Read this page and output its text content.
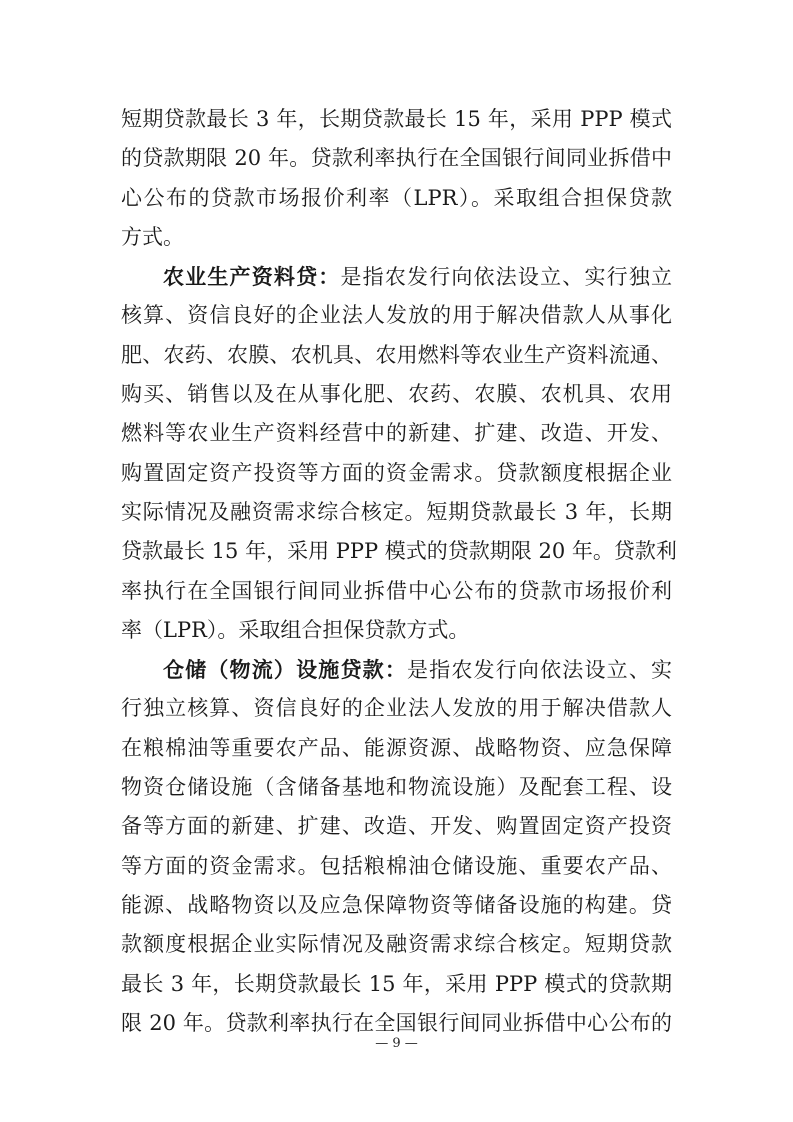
短期贷款最长 3 年，长期贷款最长 15 年，采用 PPP 模式
的贷款期限 20 年。贷款利率执行在全国银行间同业拆借中
心公布的贷款市场报价利率（LPR）。采取组合担保贷款
方式。
农业生产资料贷：是指农发行向依法设立、实行独立
核算、资信良好的企业法人发放的用于解决借款人从事化
肥、农药、农膜、农机具、农用燃料等农业生产资料流通、
购买、销售以及在从事化肥、农药、农膜、农机具、农用
燃料等农业生产资料经营中的新建、扩建、改造、开发、
购置固定资产投资等方面的资金需求。贷款额度根据企业
实际情况及融资需求综合核定。短期贷款最长 3 年，长期
贷款最长 15 年，采用 PPP 模式的贷款期限 20 年。贷款利
率执行在全国银行间同业拆借中心公布的贷款市场报价利
率（LPR）。采取组合担保贷款方式。
仓储（物流）设施贷款：是指农发行向依法设立、实
行独立核算、资信良好的企业法人发放的用于解决借款人
在粮棉油等重要农产品、能源资源、战略物资、应急保障
物资仓储设施（含储备基地和物流设施）及配套工程、设
备等方面的新建、扩建、改造、开发、购置固定资产投资
等方面的资金需求。包括粮棉油仓储设施、重要农产品、
能源、战略物资以及应急保障物资等储备设施的构建。贷
款额度根据企业实际情况及融资需求综合核定。短期贷款
最长 3 年，长期贷款最长 15 年，采用 PPP 模式的贷款期
限 20 年。贷款利率执行在全国银行间同业拆借中心公布的
— 9 —
